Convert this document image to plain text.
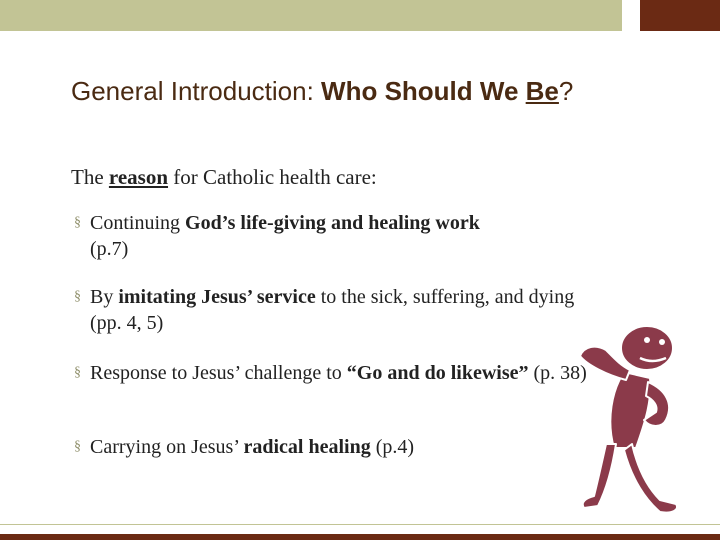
General Introduction: Who Should We Be?
The reason for Catholic health care:
§ Continuing God’s life-giving and healing work
(p.7)
§ By imitating Jesus’ service to the sick, suffering, and dying (pp. 4, 5)
§ Response to Jesus’ challenge to “Go and do likewise” (p. 38)
§ Carrying on Jesus’ radical healing (p.4)
